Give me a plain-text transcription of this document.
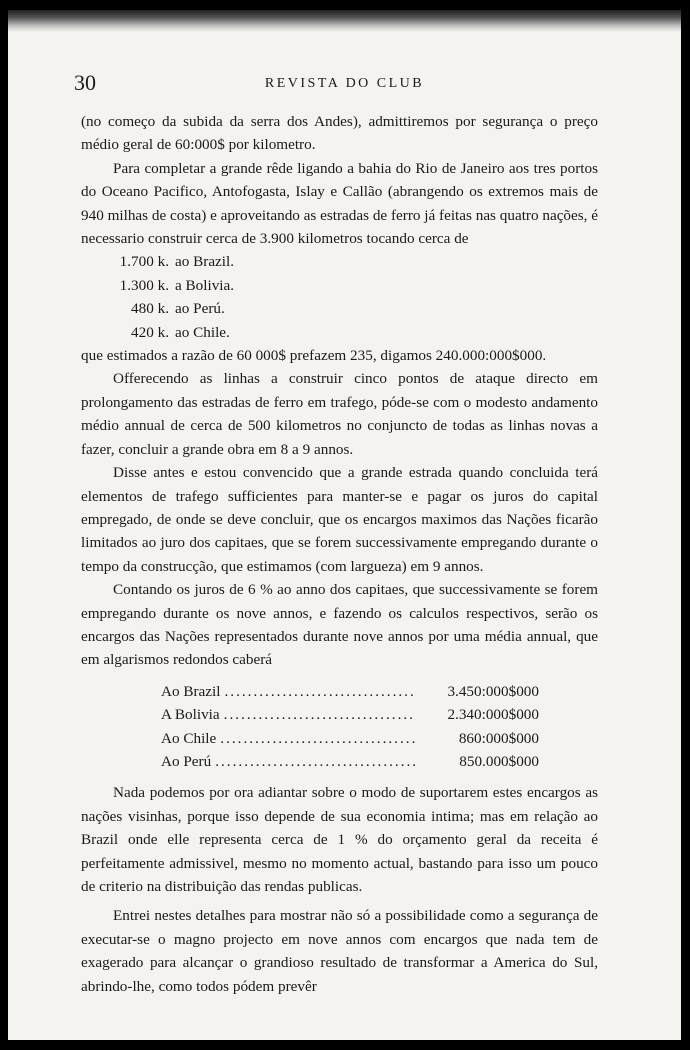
30	REVISTA DO CLUB

(no começo da subida da serra dos Andes), admittiremos por segurança o preço médio geral de 60:000$ por kilometro.

Para completar a grande rêde ligando a bahia do Rio de Janeiro aos tres portos do Oceano Pacifico, Antofogasta, Islay e Callão (abrangendo os extremos mais de 940 milhas de costa) e aproveitando as estradas de ferro já feitas nas quatro nações, é necessario construir cerca de 3.900 kilometros tocando cerca de

1.700 k. ao Brazil.
1.300 k. a Bolivia.
480 k. ao Perú.
420 k. ao Chile.

que estimados a razão de 60 000$ prefazem 235, digamos 240.000:000$000.

Offerecendo as linhas a construir cinco pontos de ataque directo em prolongamento das estradas de ferro em trafego, póde-se com o modesto andamento médio annual de cerca de 500 kilometros no conjuncto de todas as linhas novas a fazer, concluir a grande obra em 8 a 9 annos.

Disse antes e estou convencido que a grande estrada quando concluida terá elementos de trafego sufficientes para manter-se e pagar os juros do capital empregado, de onde se deve concluir, que os encargos maximos das Nações ficarão limitados ao juro dos capitaes, que se forem successivamente empregando durante o tempo da construcção, que estimamos (com largueza) em 9 annos.

Contando os juros de 6 % ao anno dos capitaes, que successivamente se forem empregando durante os nove annos, e fazendo os calculos respectivos, serão os encargos das Nações representados durante nove annos por uma média annual, que em algarismos redondos caberá

Ao Brazil .....	3.450:000$000
A Bolivia .....	2.340:000$000
Ao Chile .....	860:000$000
Ao Perú .....	850.000$000

Nada podemos por ora adiantar sobre o modo de suportarem estes encargos as nações visinhas, porque isso depende de sua economia intima; mas em relação ao Brazil onde elle representa cerca de 1 % do orçamento geral da receita é perfeitamente admissivel, mesmo no momento actual, bastando para isso um pouco de criterio na distribuição das rendas publicas.

Entrei nestes detalhes para mostrar não só a possibilidade como a segurança de executar-se o magno projecto em nove annos com encargos que nada tem de exagerado para alcançar o grandioso resultado de transformar a America do Sul, abrindo-lhe, como todos pódem prevêr
